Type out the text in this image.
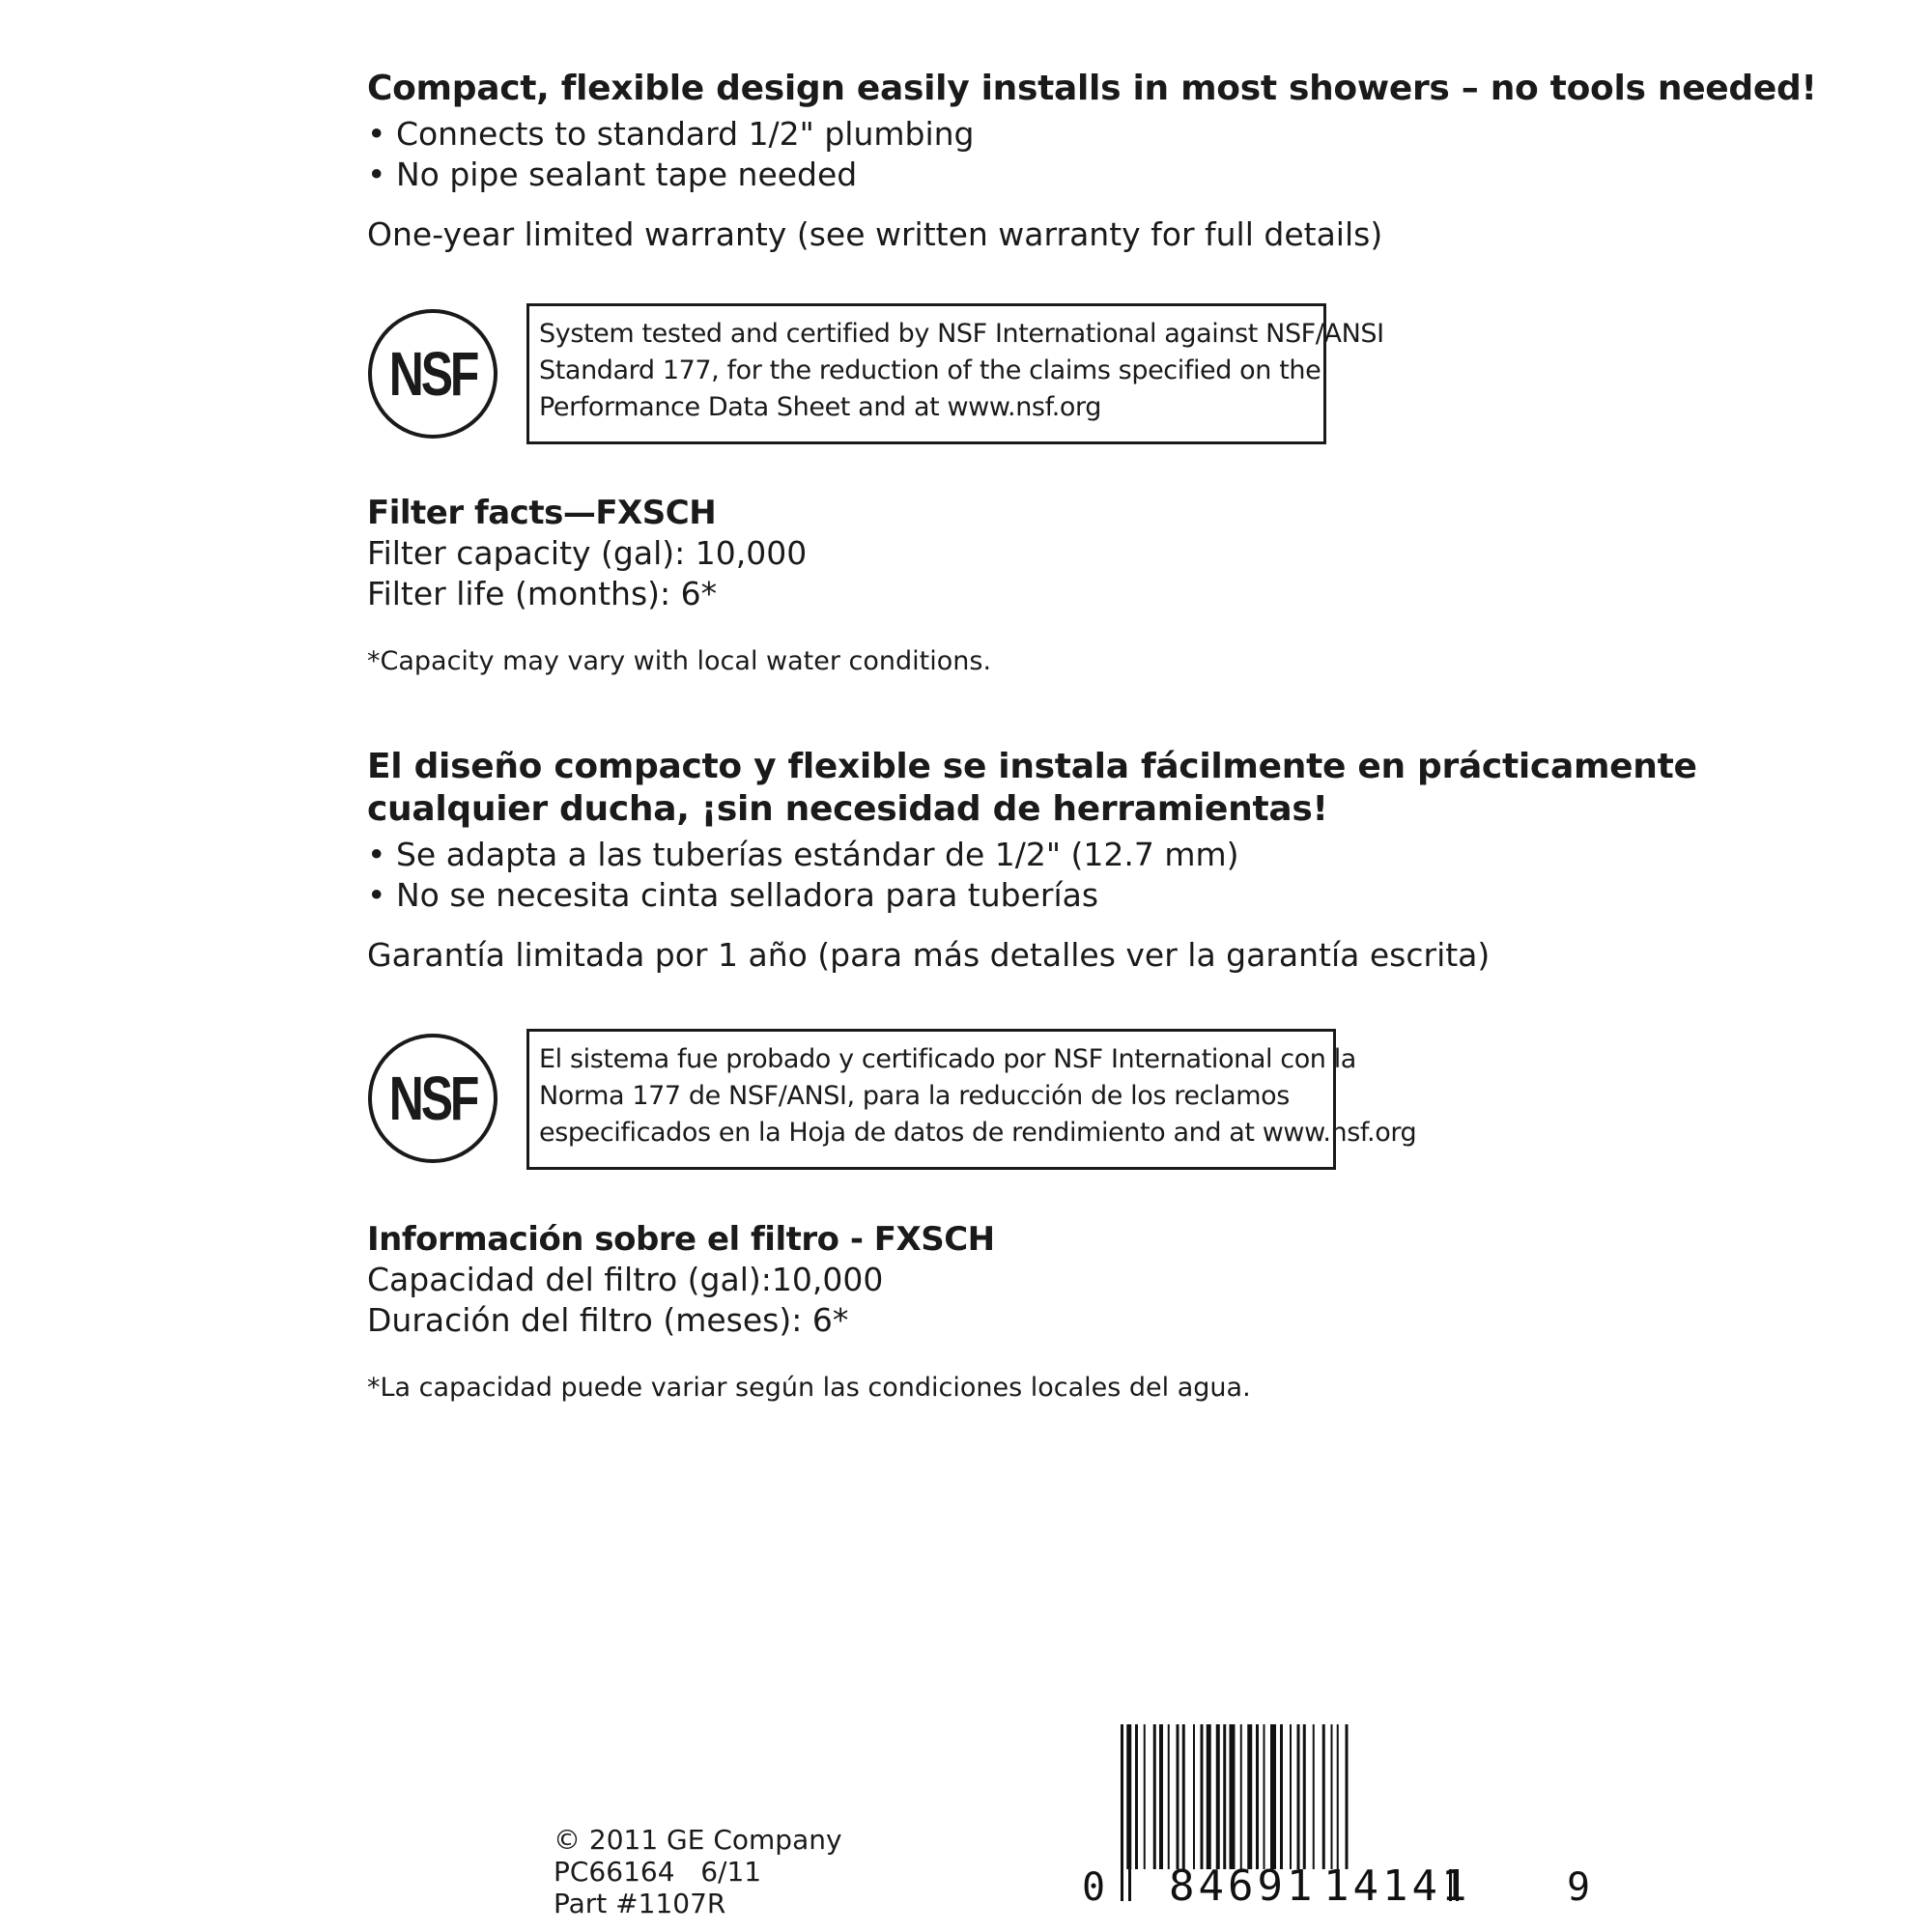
Compact, flexible design easily installs in most showers – no tools needed!
• Connects to standard 1/2" plumbing
• No pipe sealant tape needed
One-year limited warranty (see written warranty for full details)
NSF
System tested and certified by NSF International against NSF/ANSI
Standard 177, for the reduction of the claims specified on the
Performance Data Sheet and at www.nsf.org
Filter facts—FXSCH
Filter capacity (gal): 10,000
Filter life (months): 6*
*Capacity may vary with local water conditions.
El diseño compacto y flexible se instala fácilmente en prácticamente
cualquier ducha, ¡sin necesidad de herramientas!
• Se adapta a las tuberías estándar de 1/2" (12.7 mm)
• No se necesita cinta selladora para tuberías
Garantía limitada por 1 año (para más detalles ver la garantía escrita)
NSF
El sistema fue probado y certificado por NSF International con la
Norma 177 de NSF/ANSI, para la reducción de los reclamos
especificados en la Hoja de datos de rendimiento and at www.nsf.org
Información sobre el filtro - FXSCH
Capacidad del filtro (gal):10,000
Duración del filtro (meses): 6*
*La capacidad puede variar según las condiciones locales del agua.
© 2011 GE Company
PC66164   6/11
Part #1107R	0 84691 14141 9
